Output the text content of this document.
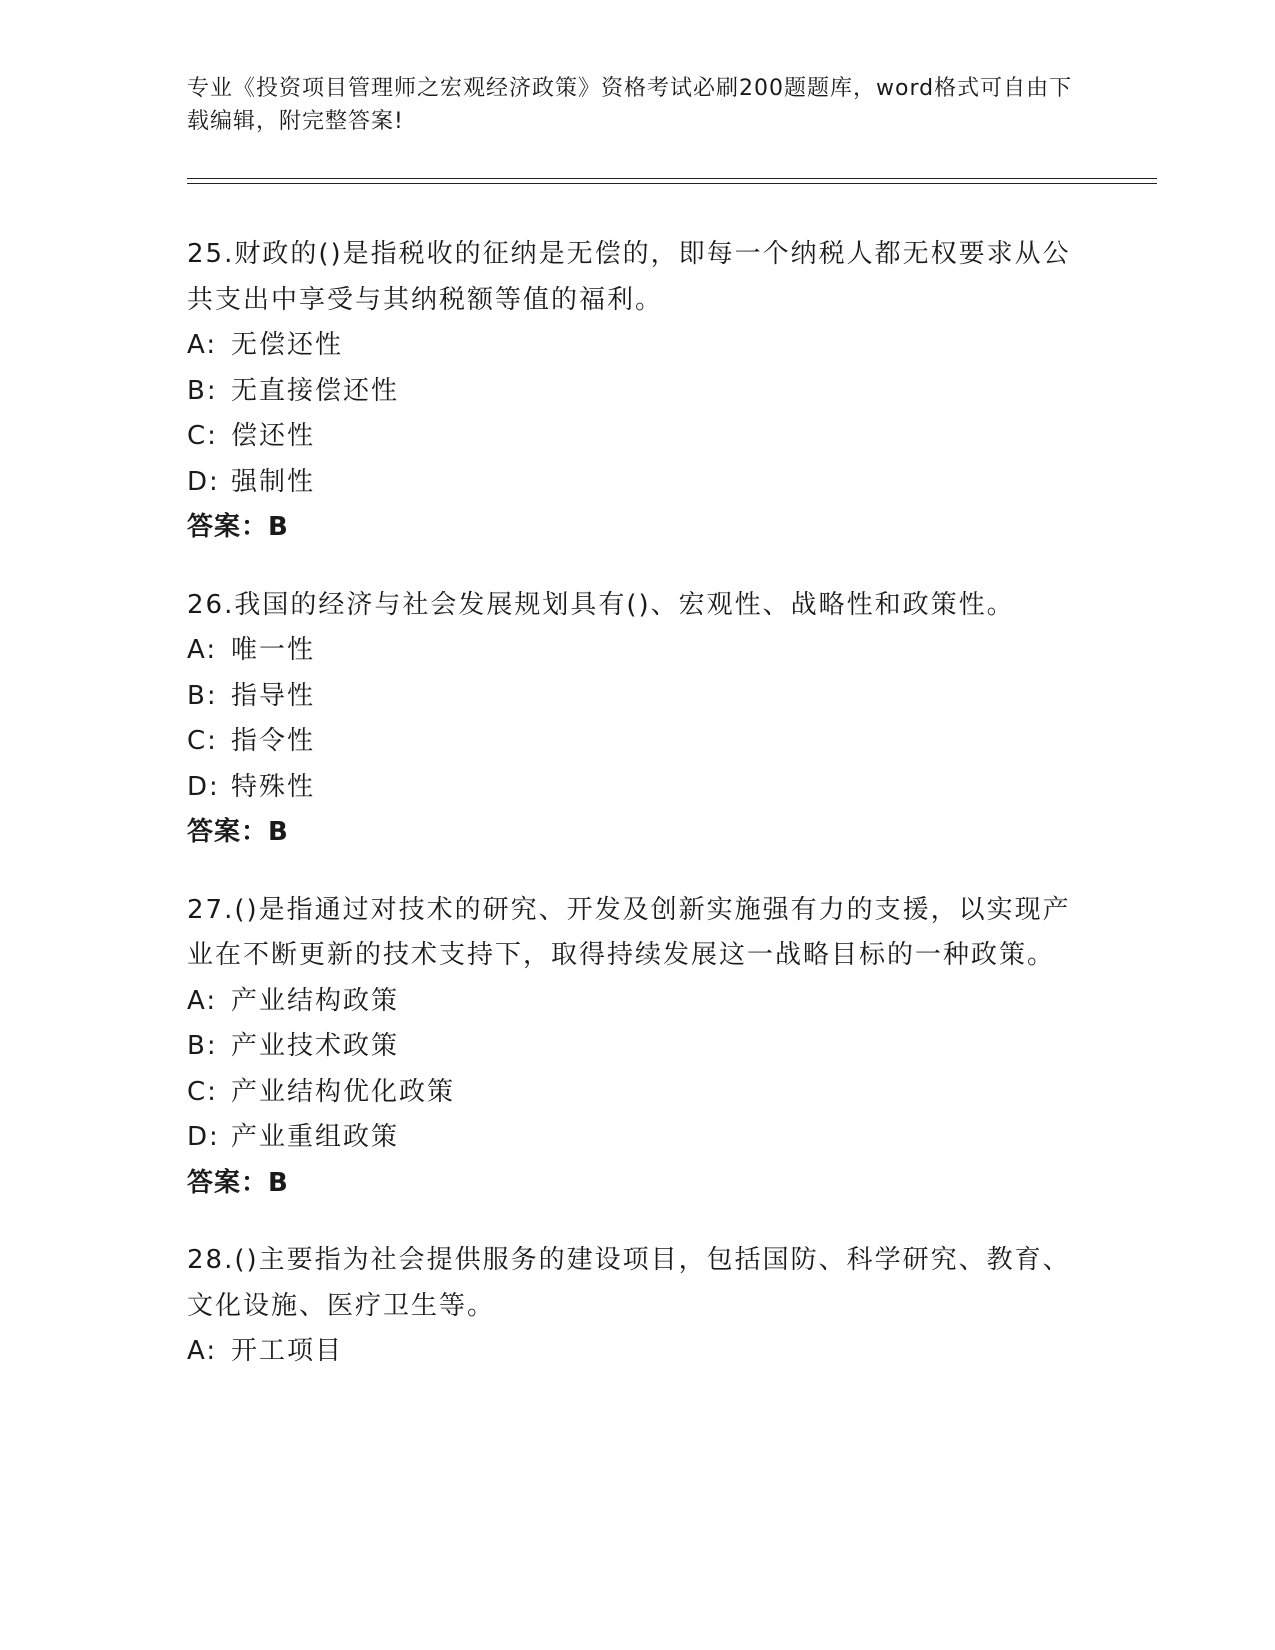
专业《投资项目管理师之宏观经济政策》资格考试必刷200题题库，word格式可自由下载编辑，附完整答案!

25.财政的()是指税收的征纳是无偿的，即每一个纳税人都无权要求从公共支出中享受与其纳税额等值的福利。

A: 无偿还性
B: 无直接偿还性
C: 偿还性
D: 强制性
答案：B

26.我国的经济与社会发展规划具有()、宏观性、战略性和政策性。

A: 唯一性
B: 指导性
C: 指令性
D: 特殊性
答案：B

27.()是指通过对技术的研究、开发及创新实施强有力的支援，以实现产业在不断更新的技术支持下，取得持续发展这一战略目标的一种政策。

A: 产业结构政策
B: 产业技术政策
C: 产业结构优化政策
D: 产业重组政策
答案：B

28.()主要指为社会提供服务的建设项目，包括国防、科学研究、教育、文化设施、医疗卫生等。

A: 开工项目
